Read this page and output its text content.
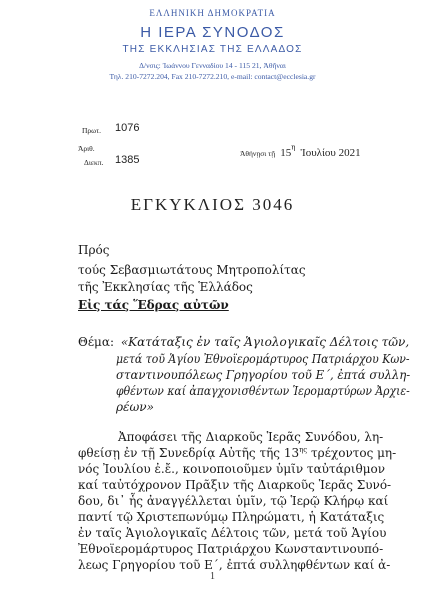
ΕΛΛΗΝΙΚΗ ΔΗΜΟΚΡΑΤΙΑ
Η ΙΕΡΑ ΣΥΝΟΔΟΣ
ΤΗΣ ΕΚΚΛΗΣΙΑΣ ΤΗΣ ΕΛΛΑΔΟΣ
Δ/νσις: Ἰωάννου Γενναδίου 14 - 115 21, Ἀθῆναι
Τηλ. 210-7272.204, Fax 210-7272.210, e-mail: contact@ecclesia.gr
Πρωτ. 1076
Ἀριθ.
Διεκπ. 1385
Ἀθήνῃσι τῇ $15^\eta$ Ἰουλίου 2021
ΕΓΚΥΚΛΙΟΣ 3046
Πρός
τούς Σεβασμιωτάτους Μητροπολίτας
τῆς Ἐκκλησίας τῆς Ἑλλάδος
Εἰς τάς Ἕδρας αὐτῶν
Θέμα: «Κατάταξις ἐν ταῖς Ἁγιολογικαῖς Δέλτοις τῶν,
μετά τοῦ Ἁγίου Ἐθνοϊερομάρτυρος Πατριάρχου Κων-
σταντινουπόλεως Γρηγορίου τοῦ Ε΄, ἐπτά συλλη-
φθέντων καί ἀπαγχονισθέντων Ἱερομαρτύρων Ἀρχιε-
ρέων»
Ἀποφάσει τῆς Διαρκοῦς Ἱερᾶς Συνόδου, λη-
φθείσῃ ἐν τῇ Συνεδρίᾳ Αὐτῆς τῆς $13^{\eta\varsigma}$ τρέχοντος μη-
νός Ἰουλίου ἐ.ἔ., κοινοποιοῦμεν ὑμῖν ταὐτάριθμον
καί ταὐτόχρονον Πρᾶξιν τῆς Διαρκοῦς Ἱερᾶς Συνό-
δου, δι᾽ ἧς ἀναγγέλλεται ὑμῖν, τῷ Ἱερῷ Κλήρῳ καί
παντί τῷ Χριστεπωνύμῳ Πληρώματι, ἡ Κατάταξις
ἐν ταῖς Ἁγιολογικαῖς Δέλτοις τῶν, μετά τοῦ Ἁγίου
Ἐθνοϊερομάρτυρος Πατριάρχου Κωνσταντινουπό-
λεως Γρηγορίου τοῦ Ε΄, ἐπτά συλληφθέντων καί ἀ-
1
